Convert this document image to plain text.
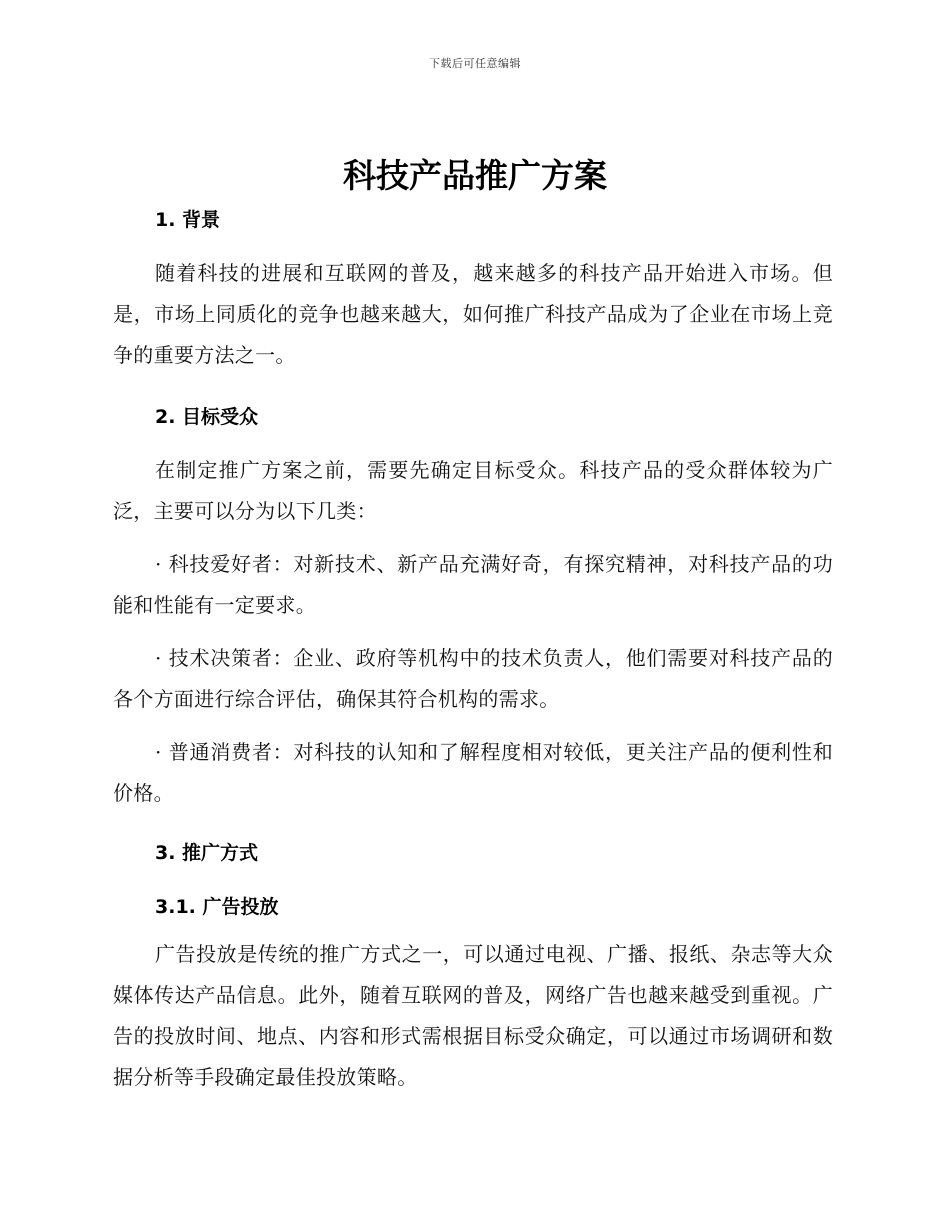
下载后可任意编辑
科技产品推广方案
1. 背景
随着科技的进展和互联网的普及，越来越多的科技产品开始进入市场。但是，市场上同质化的竞争也越来越大，如何推广科技产品成为了企业在市场上竞争的重要方法之一。
2. 目标受众
在制定推广方案之前，需要先确定目标受众。科技产品的受众群体较为广泛，主要可以分为以下几类：
· 科技爱好者：对新技术、新产品充满好奇，有探究精神，对科技产品的功能和性能有一定要求。
· 技术决策者：企业、政府等机构中的技术负责人，他们需要对科技产品的各个方面进行综合评估，确保其符合机构的需求。
· 普通消费者：对科技的认知和了解程度相对较低，更关注产品的便利性和价格。
3. 推广方式
3.1. 广告投放
广告投放是传统的推广方式之一，可以通过电视、广播、报纸、杂志等大众媒体传达产品信息。此外，随着互联网的普及，网络广告也越来越受到重视。广告的投放时间、地点、内容和形式需根据目标受众确定，可以通过市场调研和数据分析等手段确定最佳投放策略。
